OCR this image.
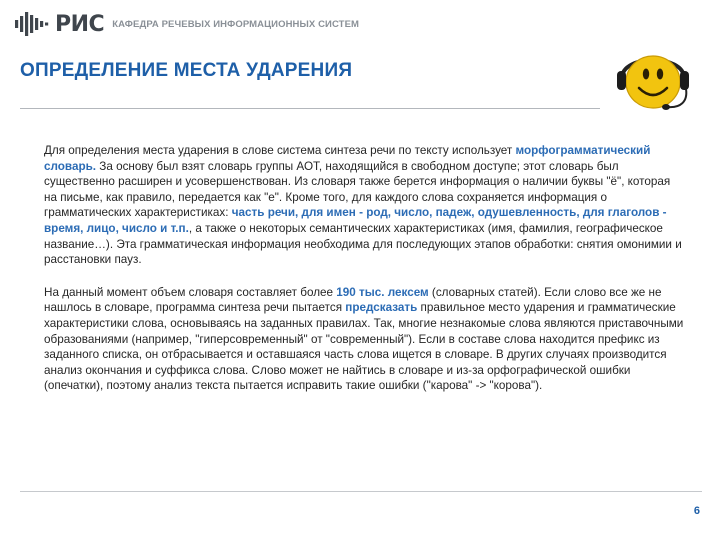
РИС КАФЕДРА РЕЧЕВЫХ ИНФОРМАЦИОННЫХ СИСТЕМ
ОПРЕДЕЛЕНИЕ МЕСТА УДАРЕНИЯ

Для определения места ударения в слове система синтеза речи по тексту использует морфограмматический словарь. За основу был взят словарь группы АОТ, находящийся в свободном доступе; этот словарь был существенно расширен и усовершенствован. Из словаря также берется информация о наличии буквы "ё", которая на письме, как правило, передается как "е". Кроме того, для каждого слова сохраняется информация о грамматических характеристиках: часть речи, для имен - род, число, падеж, одушевленность, для глаголов - время, лицо, число и т.п., а также о некоторых семантических характеристиках (имя, фамилия, географическое название…). Эта грамматическая информация необходима для последующих этапов обработки: снятия омонимии и расстановки пауз.

На данный момент объем словаря составляет более 190 тыс. лексем (словарных статей). Если слово все же не нашлось в словаре, программа синтеза речи пытается предсказать правильное место ударения и грамматические характеристики слова, основываясь на заданных правилах. Так, многие незнакомые слова являются приставочными образованиями (например, "гиперсовременный" от "современный"). Если в составе слова находится префикс из заданного списка, он отбрасывается и оставшаяся часть слова ищется в словаре. В других случаях производится анализ окончания и суффикса слова. Слово может не найтись в словаре и из-за орфографической ошибки (опечатки), поэтому анализ текста пытается исправить такие ошибки ("карова" -> "корова").

6
